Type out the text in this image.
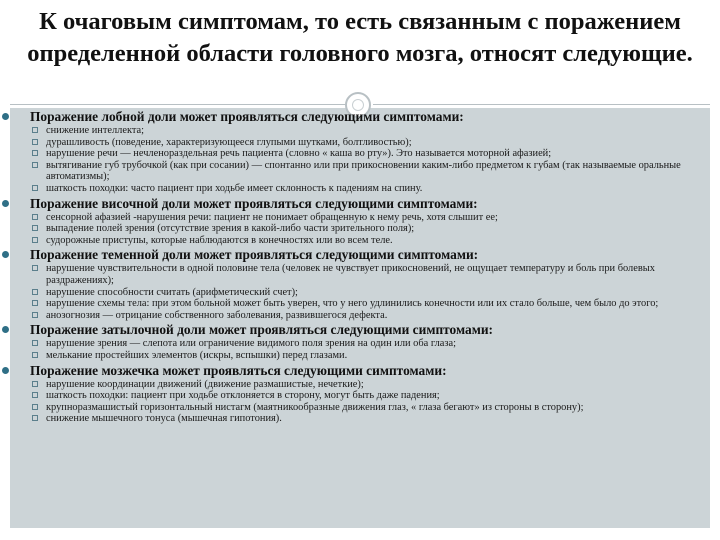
К очаговым симптомам, то есть связанным с поражением определенной области головного мозга, относят следующие.

Поражение лобной доли может проявляться следующими симптомами:

снижение интеллекта;
дурашливость (поведение, характеризующееся глупыми шутками, болтливостью);
нарушение речи — нечленораздельная речь пациента (словно « каша во рту»). Это называется моторной афазией;
вытягивание губ трубочкой (как при сосании) — спонтанно или при прикосновении каким-либо предметом к губам (так называемые оральные автоматизмы);
шаткость походки: часто пациент при ходьбе имеет склонность к падениям на спину.

Поражение височной доли может проявляться следующими симптомами:

сенсорной афазией -нарушения речи: пациент не понимает обращенную к нему речь, хотя слышит ее;
выпадение полей зрения (отсутствие зрения в какой-либо части зрительного поля);
судорожные приступы, которые наблюдаются в конечностях или во всем теле.

Поражение теменной доли может проявляться следующими симптомами:

нарушение чувствительности в одной половине тела (человек не чувствует прикосновений, не ощущает температуру и боль при болевых раздражениях);
нарушение способности считать (арифметический счет);
нарушение схемы тела: при этом больной может быть уверен, что у него удлинились конечности или их стало больше, чем было до этого;
анозогнозия — отрицание собственного заболевания, развившегося дефекта.

Поражение затылочной доли может проявляться следующими симптомами:

нарушение зрения — слепота или ограничение видимого поля зрения на один или оба глаза;
мелькание простейших элементов (искры, вспышки) перед глазами.

Поражение мозжечка может проявляться следующими симптомами:

нарушение координации движений (движение размашистые, нечеткие);
шаткость походки: пациент при ходьбе отклоняется в сторону, могут быть даже падения;
крупноразмашистый горизонтальный нистагм (маятникообразные движения глаз, « глаза бегают» из стороны в сторону);
снижение мышечного тонуса (мышечная гипотония).
